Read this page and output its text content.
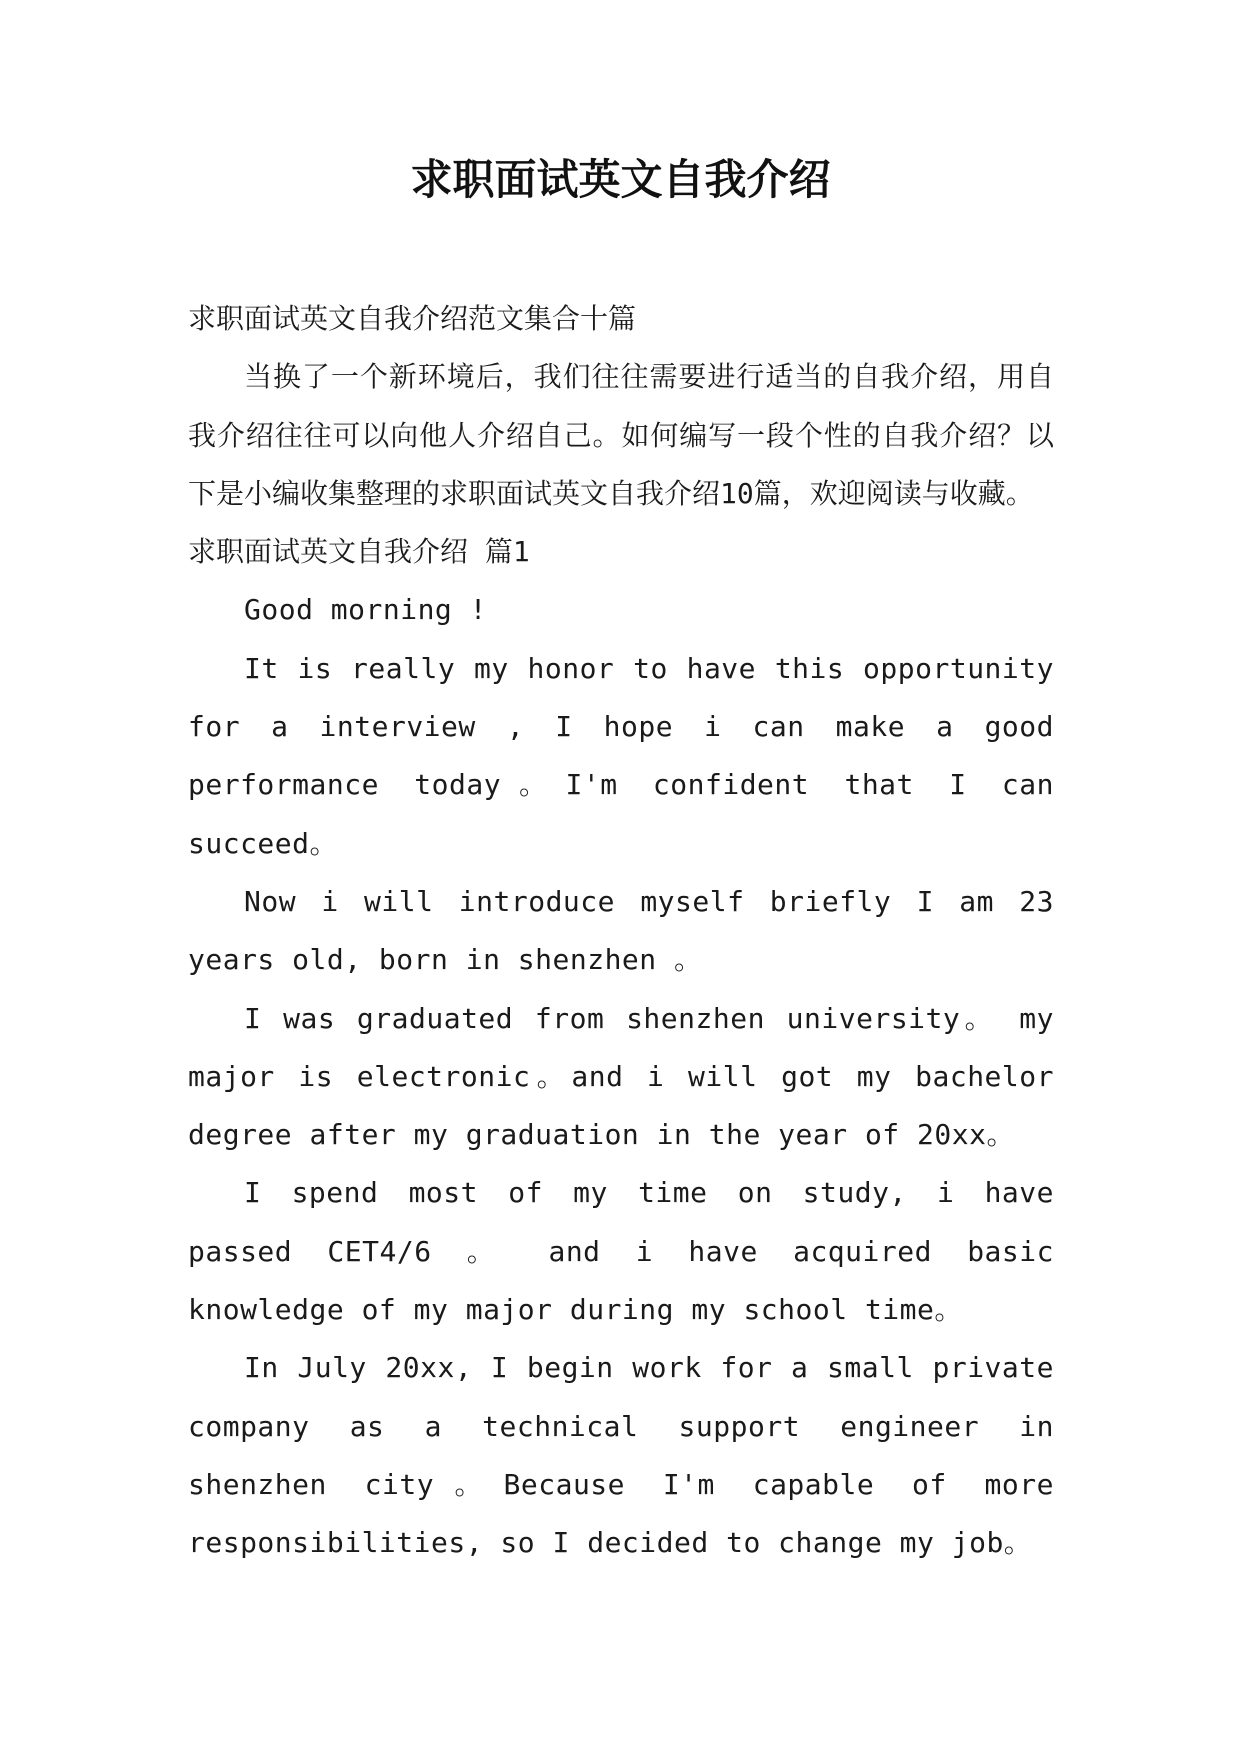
求职面试英文自我介绍

求职面试英文自我介绍范文集合十篇

当换了一个新环境后，我们往往需要进行适当的自我介绍，用自我介绍往往可以向他人介绍自己。如何编写一段个性的自我介绍？以下是小编收集整理的求职面试英文自我介绍10篇，欢迎阅读与收藏。

求职面试英文自我介绍 篇1

Good morning !

It is really my honor to have this opportunity for a interview , I hope i can make a good performance today。I'm confident that I can succeed。

Now i will introduce myself briefly I am 23 years old, born in shenzhen 。

I was graduated from shenzhen university。 my major is electronic。and i will got my bachelor degree after my graduation in the year of 20xx。

I spend most of my time on study, i have passed CET4/6 。 and i have acquired basic knowledge of my major during my school time。

In July 20xx, I begin work for a small private company as a technical support engineer in shenzhen city。Because I'm capable of more responsibilities, so I decided to change my job。
